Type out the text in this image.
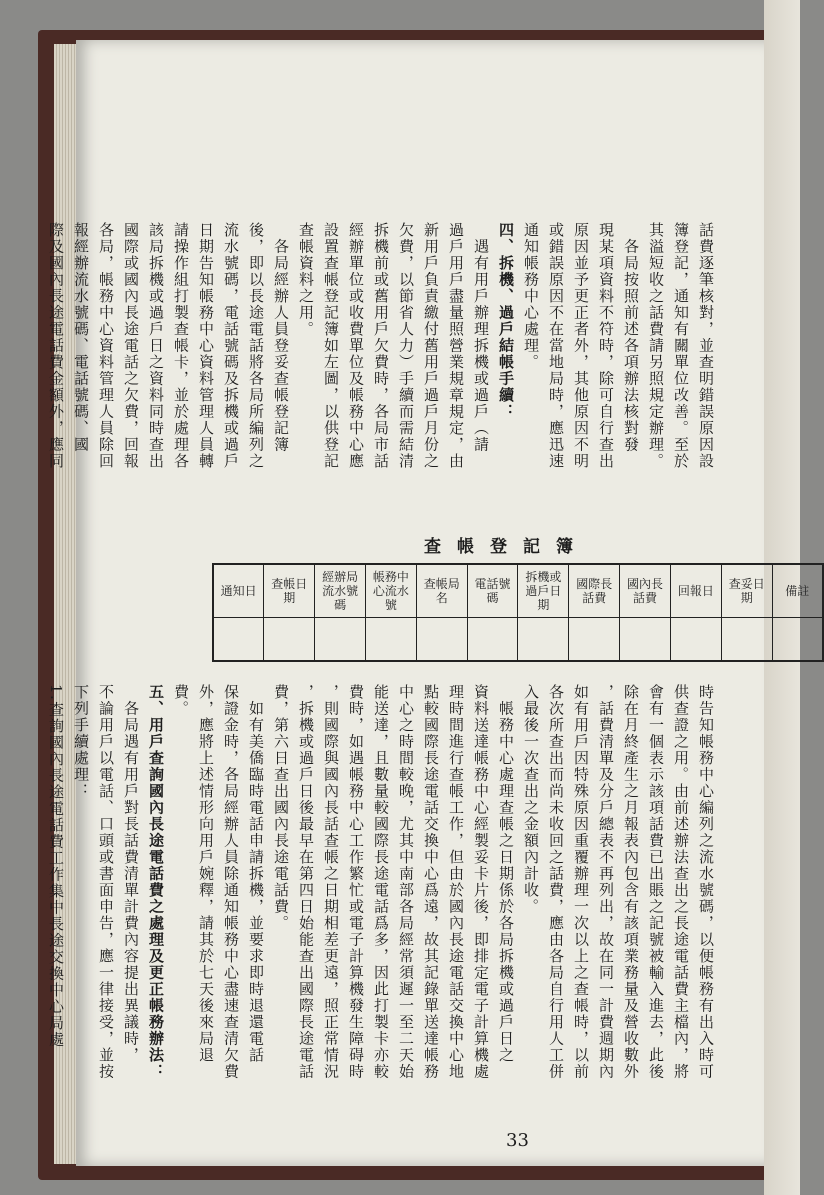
話費逐筆核對，並查明錯誤原因設
簿登記，通知有關單位改善。至於
其溢短收之話費請另照規定辦理。
　各局按照前述各項辦法核對發
現某項資料不符時，除可自行查出
原因並予更正者外，其他原因不明
或錯誤原因不在當地局時，應迅速
通知帳務中心處理。
四、拆機、過戶結帳手續：
　遇有用戶辦理拆機或過戶（請
過戶用戶盡量照營業規章規定，由
新用戶負責繳付舊用戶過戶月份之
欠費，以節省人力）手續而需結清
拆機前或舊用戶欠費時，各局市話
經辦單位或收費單位及帳務中心應
設置查帳登記簿如左圖，以供登記
查帳資料之用。
　各局經辦人員登妥查帳登記簿
後，即以長途電話將各局所編列之
流水號碼，電話號碼及拆機或過戶
日期告知帳務中心資料管理人員轉
請操作組打製查帳卡，並於處理各
該局拆機或過戶日之資料同時查出
國際或國內長途電話之欠費，回報
各局，帳務中心資料管理人員除回
報經辦流水號碼、電話號碼、國
際及國內長途電話費金額外，應同
查帳登記簿
通知日	查帳日期	經辦局流水號碼	帳務中心流水號	查帳局名	電話號碼	拆機或過戶日期	國際長話費	國內長話費	回報日	查妥日期	備註

時告知帳務中心編列之流水號碼，以便帳務有出入時可
供查證之用。由前述辦法查出之長途電話費主檔內，將
會有一個表示該項話費已出賬之記號被輸入進去，此後
除在月終產生之月報表內包含有該項業務量及營收數外
，話費清單及分戶總表不再列出，故在同一計費週期內
如有用戶因特殊原因重覆辦理一次以上之查帳時，以前
各次所查出而尚未收回之話費，應由各局自行用人工併
入最後一次查出之金額內計收。
　帳務中心處理查帳之日期係於各局拆機或過戶日之
資料送達帳務中心經製妥卡片後，即排定電子計算機處
理時間進行查帳工作，但由於國內長途電話交換中心地
點較國際長途電話交換中心爲遠，故其記錄單送達帳務
中心之時間較晚，尤其中南部各局經常須遲一至二天始
能送達，且數量較國際長途電話爲多，因此打製卡亦較
費時，如遇帳務中心工作繁忙或電子計算機發生障碍時
，則國際與國內長話查帳之日期相差更遠，照正常情況
，拆機或過戶日後最早在第四日始能查出國際長途電話
費，第六日查出國內長途電話費。
　如有美僑臨時電話申請拆機，並要求即時退還電話
保證金時，各局經辦人員除通知帳務中心盡速查清欠費
外，應將上述情形向用戶婉釋，請其於七天後來局退
費。
五、用戶查詢國內長途電話費之處理及更正帳務辦法：
　各局遇有用戶對長話費清單計費內容提出異議時，
不論用戶以電話、口頭或書面申告，應一律接受，並按
下列手續處理：
1.查詢國內長途電話費工作集中長途交換中心局處
33
